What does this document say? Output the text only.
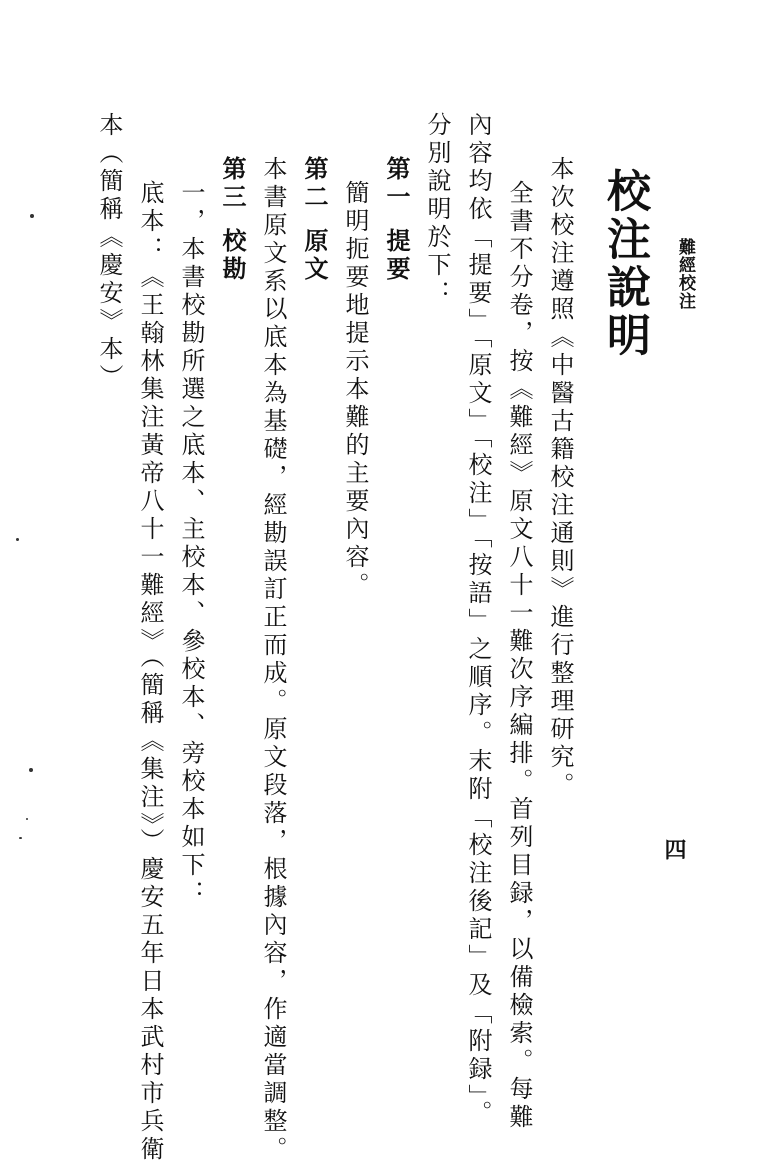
難經校注
四
校注說明
本次校注遵照《中醫古籍校注通則》進行整理研究。
全書不分卷，按《難經》原文八十一難次序編排。首列目録，以備檢索。每難
內容均依「提要」「原文」「校注」「按語」之順序。末附「校注後記」及「附録」。
分別說明於下：
第一提要
簡明扼要地提示本難的主要內容。
第二原文
本書原文系以底本為基礎，經勘誤訂正而成。原文段落，根據內容，作適當調整。
第三校勘
一，本書校勘所選之底本、主校本、參校本、旁校本如下：
底本：《王翰林集注黃帝八十一難經》（簡稱《集注》）慶安五年日本武村市兵衛
本（簡稱《慶安》本）
